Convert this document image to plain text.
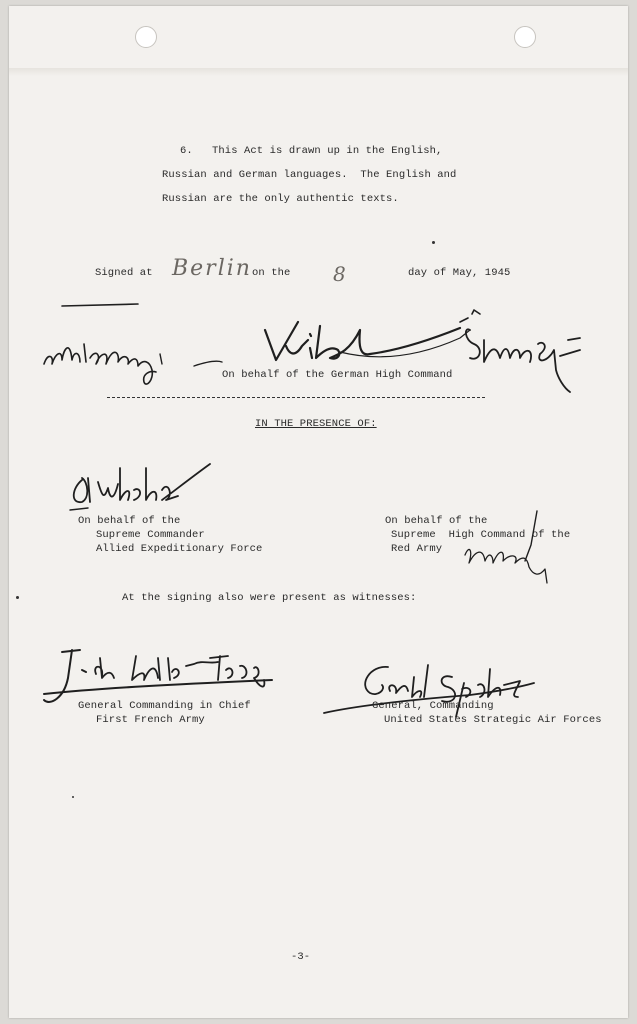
6.   This Act is drawn up in the English,
Russian and German languages.  The English and
Russian are the only authentic texts.
Signed at Berlin on the 8	day of May, 1945
On behalf of the German High Command
IN THE PRESENCE OF:
On behalf of the
Supreme Commander
Allied Expeditionary Force
On behalf of the
Supreme  High Command of the
Red Army
At the signing also were present as witnesses:
General Commanding in Chief
First French Army
General, Commanding
United States Strategic Air Forces
-3-
